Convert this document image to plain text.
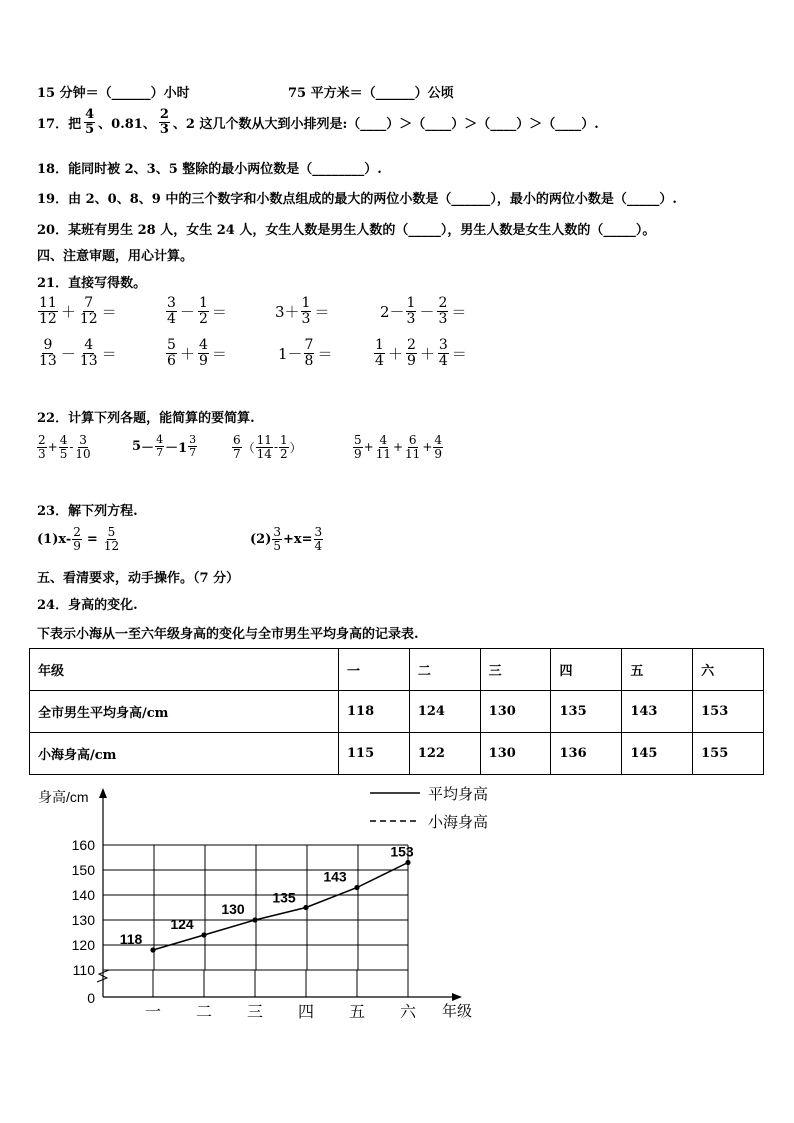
15 分钟＝（______）小时	75 平方米＝（______）公顷
17． 把 $\frac{4}{5}$ 、0.81、 $\frac{2}{3}$ 、2 这几个数从大到小排列是:（____）＞（____）＞（____）＞（____）.
18．能同时被 2、3、5 整除的最小两位数是（________）.
19．由 2、0、8、9 中的三个数字和小数点组成的最大的两位小数是（______），最小的两位小数是（_____）.
20．某班有男生 28 人，女生 24 人，女生人数是男生人数的（_____），男生人数是女生人数的（_____）。
四、注意审题，用心计算。
21．直接写得数。
$\frac{11}{12} + \frac{7}{12}$ ＝	$\frac{3}{4} - \frac{1}{2}$ ＝	$3+ \frac{1}{3}$ ＝	$2- \frac{1}{3} - \frac{2}{3}$ ＝
$\frac{9}{13} - \frac{4}{13}$ ＝	$\frac{5}{6} + \frac{4}{9}$ ＝	$1- \frac{7}{8}$ ＝	$\frac{1}{4} + \frac{2}{9} + \frac{3}{4}$ ＝
22．计算下列各题，能简算的要简算.
$\frac{2}{3} + \frac{4}{5} - \frac{3}{10}$	$5 - \frac{4}{7} -1 \frac{3}{7}$	$\frac{6}{7}$ （ $\frac{11}{14} - \frac{1}{2}$ ）	$\frac{5}{9} + \frac{4}{11} + \frac{6}{11} + \frac{4}{9}$
23．解下列方程.
$(1)x- \frac{2}{9} = \frac{5}{12}$	$(2) \frac{3}{5} +x= \frac{3}{4}$
五、看清要求，动手操作。（7 分）
24．身高的变化.
下表示小海从一至六年级身高的变化与全市男生平均身高的记录表.
年级	一	二	三	四	五	六
全市男生平均身高/cm	118	124	130	135	143	153
小海身高/cm	115	122	130	136	145	155
110
120
130
140
150
160
一 二 三 四 五 六
0
118
124
130
135
143
153
身高/cm
年级
平均身高
小海身高
